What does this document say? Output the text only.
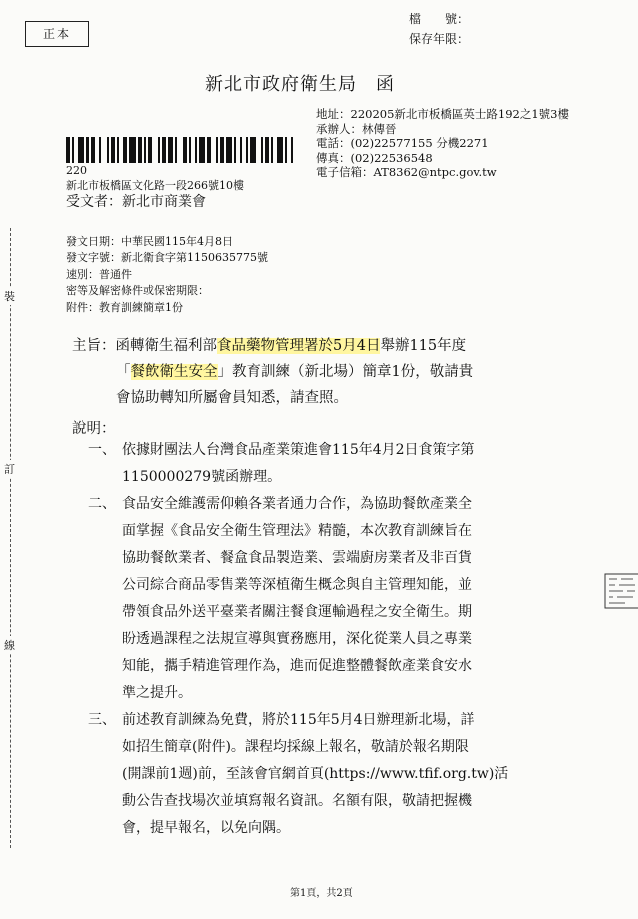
正本
檔　　號：
保存年限：
新北市政府衛生局　函
地址：220205新北市板橋區英士路192之1號3樓
承辦人：林傳晉
電話：(02)22577155 分機2271
傳真：(02)22536548
電子信箱：AT8362@ntpc.gov.tw
220
新北市板橋區文化路一段266號10樓
受文者：新北市商業會
發文日期：中華民國115年4月8日
發文字號：新北衛食字第1150635775號
速別：普通件
密等及解密條件或保密期限：
附件：教育訓練簡章1份
主旨：函轉衛生福利部食品藥物管理署於5月4日舉辦115年度
「餐飲衛生安全」教育訓練（新北場）簡章1份，敬請貴
會協助轉知所屬會員知悉，請查照。
說明：
一、 依據財團法人台灣食品產業策進會115年4月2日食策字第
1150000279號函辦理。
二、 食品安全維護需仰賴各業者通力合作，為協助餐飲產業全
面掌握《食品安全衛生管理法》精髓，本次教育訓練旨在
協助餐飲業者、餐盒食品製造業、雲端廚房業者及非百貨
公司綜合商品零售業等深植衛生概念與自主管理知能，並
帶領食品外送平臺業者關注餐食運輸過程之安全衛生。期
盼透過課程之法規宣導與實務應用，深化從業人員之專業
知能，攜手精進管理作為，進而促進整體餐飲產業食安水
準之提升。
三、 前述教育訓練為免費，將於115年5月4日辦理新北場，詳
如招生簡章(附件)。課程均採線上報名，敬請於報名期限
(開課前1週)前，至該會官網首頁(https://www.tfif.org.tw)活
動公告查找場次並填寫報名資訊。名額有限，敬請把握機
會，提早報名，以免向隅。
裝
訂
線
第1頁，共2頁
